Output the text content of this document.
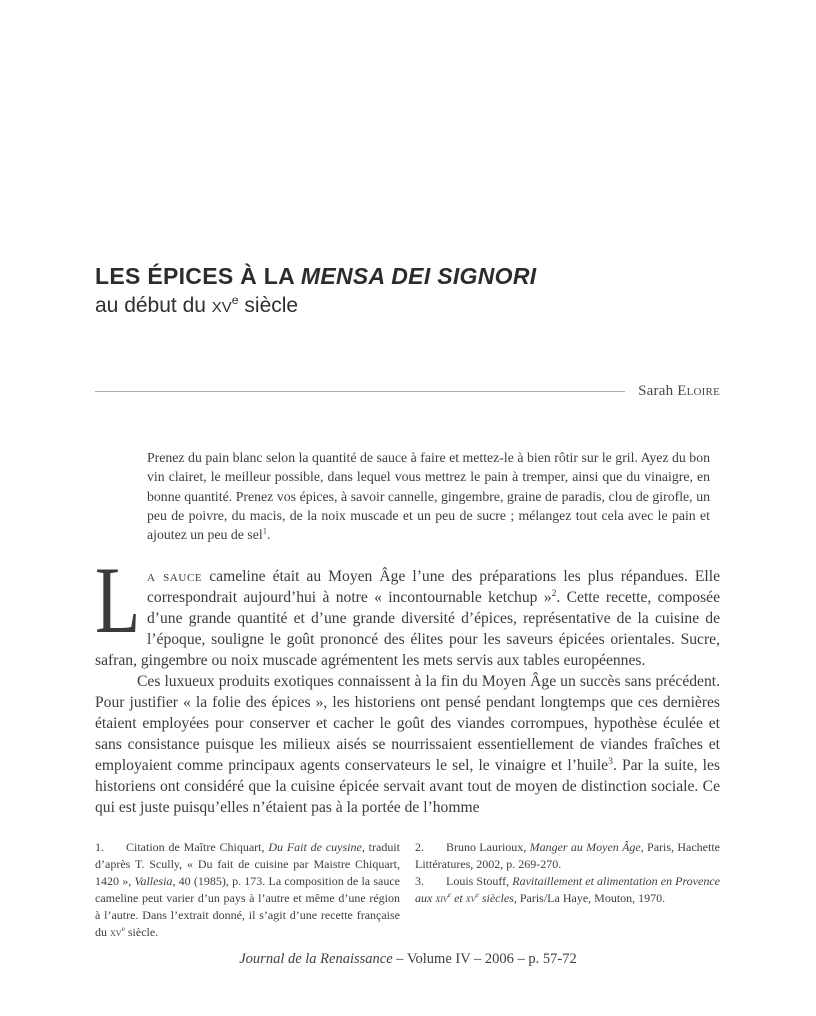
LES ÉPICES À LA MENSA DEI SIGNORI
au début du $xv^e$ siècle
Sarah Eloire
Prenez du pain blanc selon la quantité de sauce à faire et mettez-le à bien rôtir sur le gril. Ayez du bon vin clairet, le meilleur possible, dans lequel vous mettrez le pain à tremper, ainsi que du vinaigre, en bonne quantité. Prenez vos épices, à savoir cannelle, gingembre, graine de paradis, clou de girofle, un peu de poivre, du macis, de la noix muscade et un peu de sucre ; mélangez tout cela avec le pain et ajoutez un peu de sel$^1$.

La sauce cameline était au Moyen Âge l’une des préparations les plus répandues. Elle correspondrait aujourd’hui à notre « incontournable ketchup »$^2$. Cette recette, composée d’une grande quantité et d’une grande diversité d’épices, représentative de la cuisine de l’époque, souligne le goût prononcé des élites pour les saveurs épicées orientales. Sucre, safran, gingembre ou noix muscade agrémentent les mets servis aux tables européennes.

Ces luxueux produits exotiques connaissent à la fin du Moyen Âge un succès sans précédent. Pour justifier « la folie des épices », les historiens ont pensé pendant longtemps que ces dernières étaient employées pour conserver et cacher le goût des viandes corrompues, hypothèse éculée et sans consistance puisque les milieux aisés se nourrissaient essentiellement de viandes fraîches et employaient comme principaux agents conservateurs le sel, le vinaigre et l’huile$^3$. Par la suite, les historiens ont considéré que la cuisine épicée servait avant tout de moyen de distinction sociale. Ce qui est juste puisqu’elles n’étaient pas à la portée de l’homme

1. Citation de Maître Chiquart, Du Fait de cuysine, traduit d’après T. Scully, « Du fait de cuisine par Maistre Chiquart, 1420 », Vallesia, 40 (1985), p. 173. La composition de la sauce cameline peut varier d’un pays à l’autre et même d’une région à l’autre. Dans l’extrait donné, il s’agit d’une recette française du xv$^e$ siècle.

2. Bruno Laurioux, Manger au Moyen Âge, Paris, Hachette Littératures, 2002, p. 269-270.

3. Louis Stouff, Ravitaillement et alimentation en Provence aux xiv$^e$ et xv$^e$ siècles, Paris/La Haye, Mouton, 1970.

Journal de la Renaissance – Volume IV – 2006 – p. 57-72
